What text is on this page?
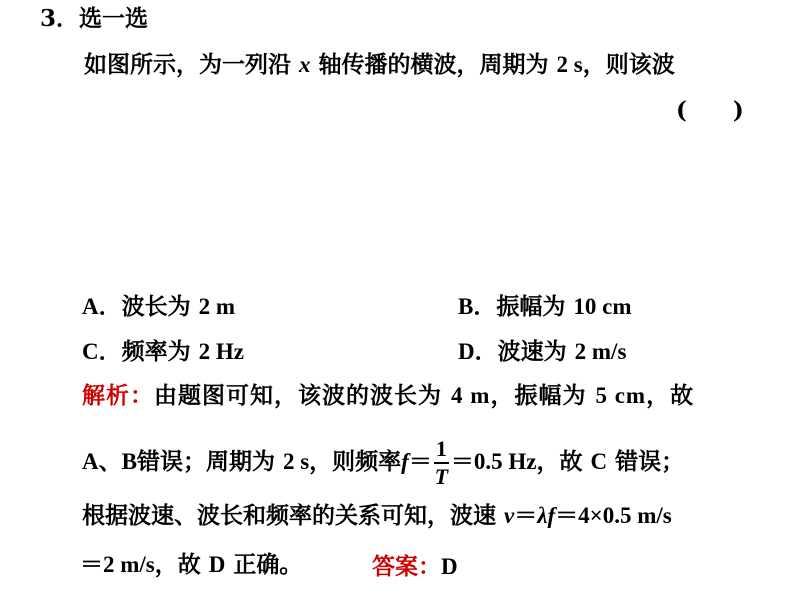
3．选一选
如图所示，为一列沿 x 轴传播的横波，周期为 2 s，则该波
(　　)
A．波长为 2 m	B．振幅为 10 cm
C．频率为 2 Hz	D．波速为 2 m/s
解析：由题图可知，该波的波长为 4 m，振幅为 5 cm，故
A、B错误；周期为 2 s，则频率$f= \frac{1}{T} =0.5$ Hz，故 C 错误；
根据波速、波长和频率的关系可知，波速 v＝λf＝4×0.5 m/s
＝2 m/s，故 D 正确。	答案：D
